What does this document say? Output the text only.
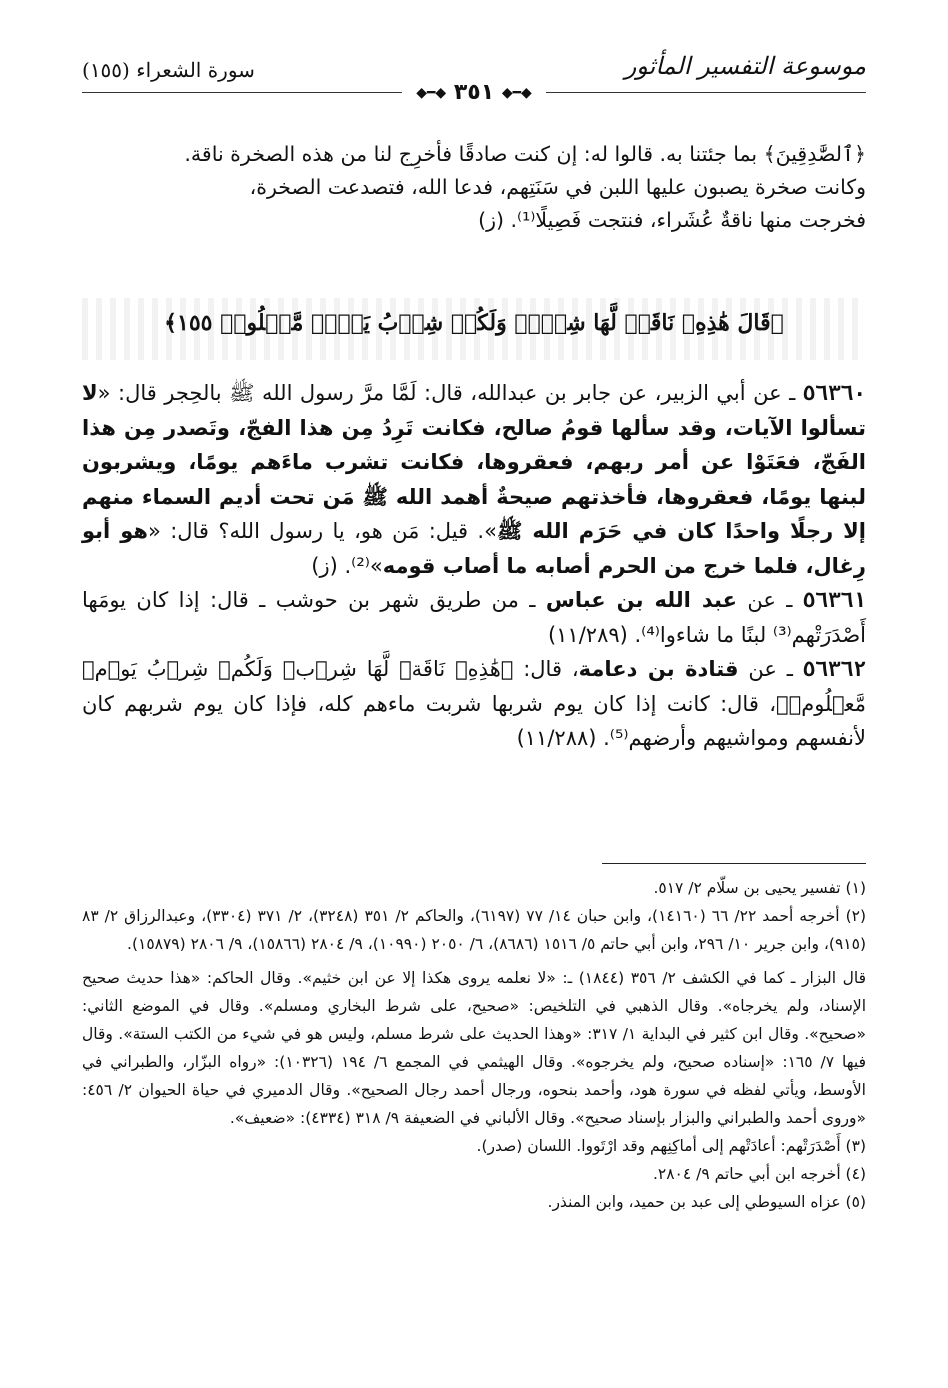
موسوعة التفسير المأثور
سورة الشعراء (١٥٥)
◆━◆ ٣٥١ ◆━◆

﴿ٱلصَّٰدِقِينَ﴾ بما جئتنا به. قالوا له: إن كنت صادقًا فأخرِج لنا من هذه الصخرة ناقة.

وكانت صخرة يصبون عليها اللبن في سَنَتِهم، فدعا الله، فتصدعت الصخرة،

فخرجت منها ناقةٌ عُشَراء، فنتجت فَصِيلًا⁽¹⁾. (ز)

﴿قَالَ هَٰذِهِۦ نَاقَةٞ لَّهَا شِرۡبٞ وَلَكُمۡ شِرۡبُ يَوۡمٖ مَّعۡلُومٖ ١٥٥﴾

٥٦٣٦٠ ـ عن أبي الزبير، عن جابر بن عبدالله، قال: لَمَّا مرَّ رسول الله ﷺ بالحِجر قال: «لا تسألوا الآيات، وقد سألها قومُ صالح، فكانت تَرِدُ مِن هذا الفجّ، وتَصدر مِن هذا الفَجّ، فعَتَوْا عن أمر ربهم، فعقروها، فكانت تشرب ماءَهم يومًا، ويشربون لبنها يومًا، فعقروها، فأخذتهم صيحةٌ أهمد الله ﷺ مَن تحت أديم السماء منهم إلا رجلًا واحدًا كان في حَرَم الله ﷺ». قيل: مَن هو، يا رسول الله؟ قال: «هو أبو رِغال، فلما خرج من الحرم أصابه ما أصاب قومه»⁽²⁾. (ز)

٥٦٣٦١ ـ عن عبد الله بن عباس ـ من طريق شهر بن حوشب ـ قال: إذا كان يومَها أَصْدَرَتْهم⁽³⁾ لبنًا ما شاءوا⁽⁴⁾. (١١/٢٨٩)

٥٦٣٦٢ ـ عن قتادة بن دعامة، قال: ﴿هَٰذِهِۦ نَاقَةٞ لَّهَا شِرۡبٞ وَلَكُمۡ شِرۡبُ يَوۡمٖ مَّعۡلُومٖ﴾، قال: كانت إذا كان يوم شربها شربت ماءهم كله، فإذا كان يوم شربهم كان لأنفسهم ومواشيهم وأرضهم⁽⁵⁾. (١١/٢٨٨)

(١) تفسير يحيى بن سلّام ٢/ ٥١٧.

(٢) أخرجه أحمد ٢٢/ ٦٦ (١٤١٦٠)، وابن حبان ١٤/ ٧٧ (٦١٩٧)، والحاكم ٢/ ٣٥١ (٣٢٤٨)، ٢/ ٣٧١ (٣٣٠٤)، وعبدالرزاق ٢/ ٨٣ (٩١٥)، وابن جرير ١٠/ ٢٩٦، وابن أبي حاتم ٥/ ١٥١٦ (٨٦٨٦)، ٦/ ٢٠٥٠ (١٠٩٩٠)، ٩/ ٢٨٠٤ (١٥٨٦٦)، ٩/ ٢٨٠٦ (١٥٨٧٩).

قال البزار ـ كما في الكشف ٢/ ٣٥٦ (١٨٤٤) ـ: «لا نعلمه يروى هكذا إلا عن ابن خثيم». وقال الحاكم: «هذا حديث صحيح الإسناد، ولم يخرجاه». وقال الذهبي في التلخيص: «صحيح، على شرط البخاري ومسلم». وقال في الموضع الثاني: «صحيح». وقال ابن كثير في البداية ١/ ٣١٧: «وهذا الحديث على شرط مسلم، وليس هو في شيء من الكتب الستة». وقال فيها ٧/ ١٦٥: «إسناده صحيح، ولم يخرجوه». وقال الهيثمي في المجمع ٦/ ١٩٤ (١٠٣٢٦): «رواه البزّار، والطبراني في الأوسط، ويأتي لفظه في سورة هود، وأحمد بنحوه، ورجال أحمد رجال الصحيح». وقال الدميري في حياة الحيوان ٢/ ٤٥٦: «وروى أحمد والطبراني والبزار بإسناد صحيح». وقال الألباني في الضعيفة ٩/ ٣١٨ (٤٣٣٤): «ضعيف».

(٣) أَصْدَرَتْهم: أعادَتْهم إلى أماكِنِهم وقد ارْتَووا. اللسان (صدر).

(٤) أخرجه ابن أبي حاتم ٩/ ٢٨٠٤.

(٥) عزاه السيوطي إلى عبد بن حميد، وابن المنذر.
